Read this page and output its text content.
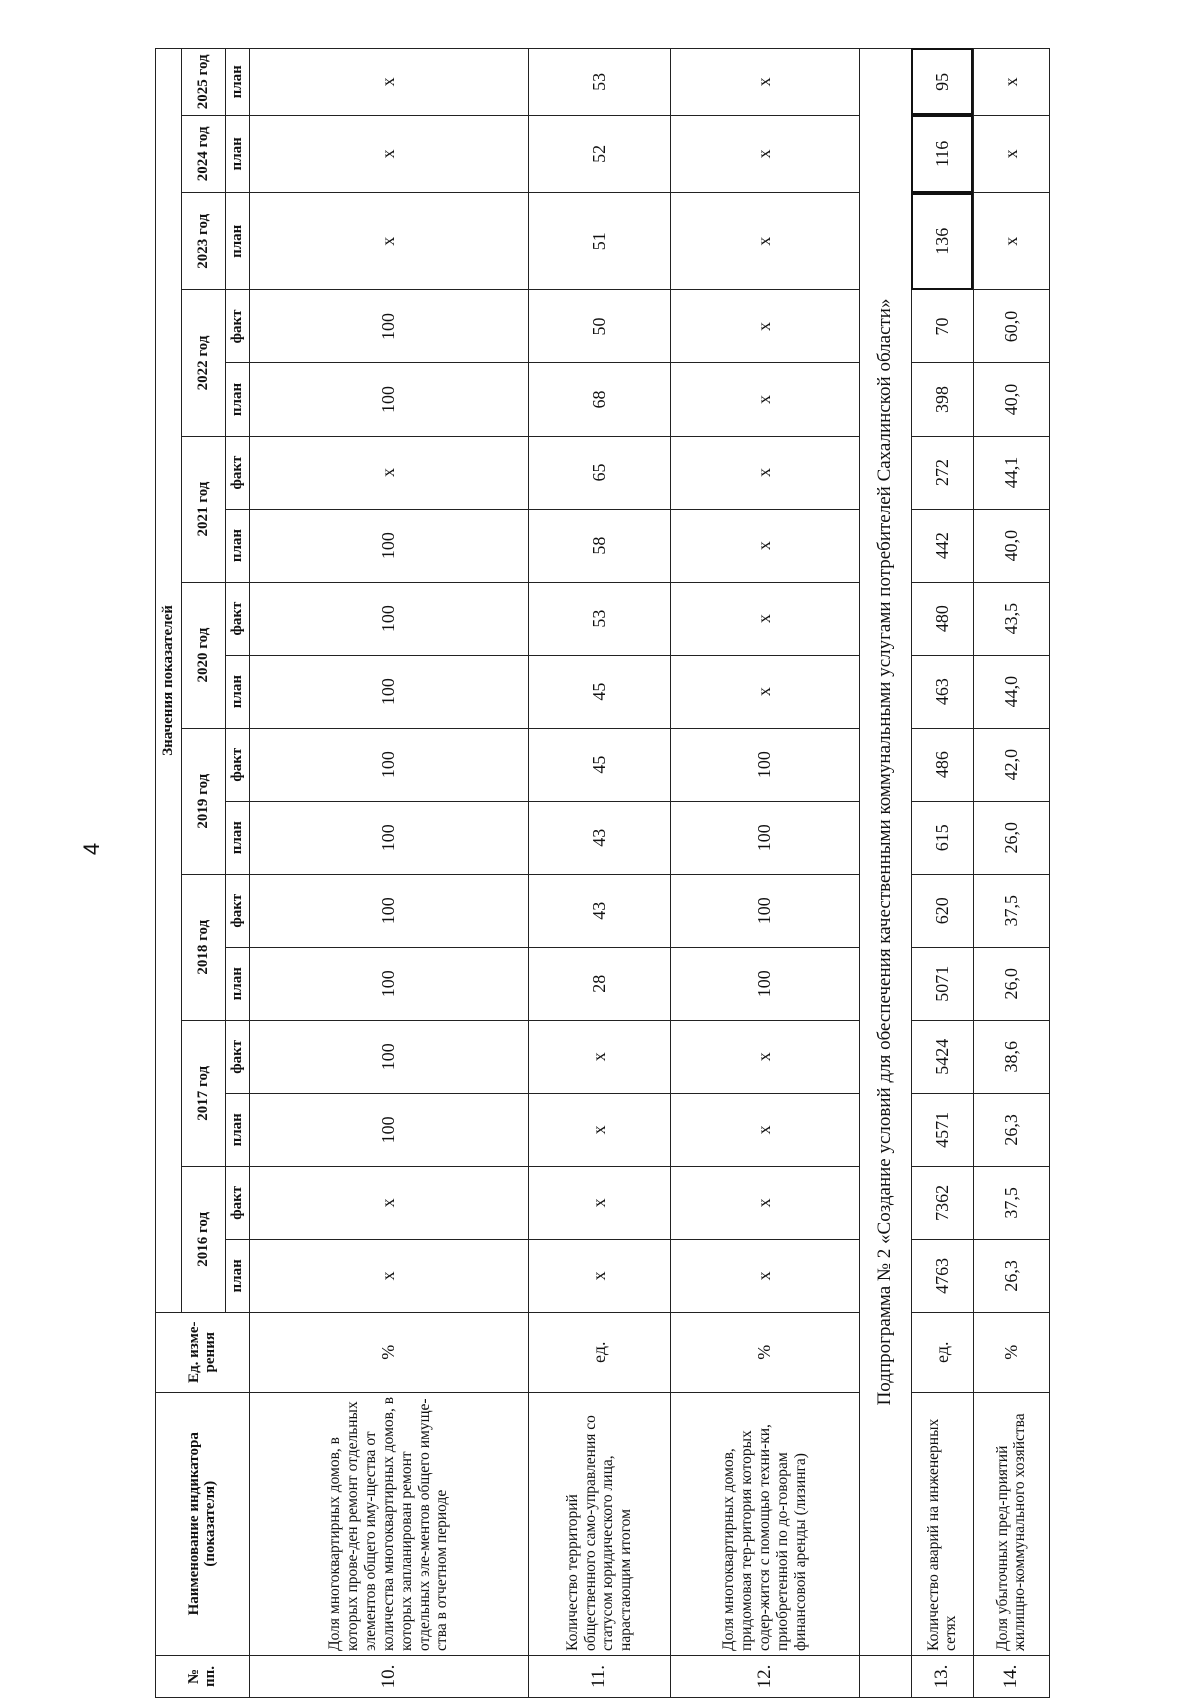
4
№ пп.	Наименование индикатора (показателя)	Ед. изме-рения	Значения показателей																
			2016 год		2017 год		2018 год		2019 год		2020 год		2021 год		2022 год		2023 год	2024 год	2025 год
			план	факт	план	факт	план	факт	план	факт	план	факт	план	факт	план	факт	план	план	план
10.	Доля многоквартирных домов, в которых прове-ден ремонт отдельных элементов общего иму-щества от количества многоквартирных домов, в которых запланирован ремонт отдельных эле-ментов общего имуще-ства в отчетном периоде	%	х	х	100	100	100	100	100	100	100	100	100	х	100	100	х	х	х
11.	Количество территорий общественного само-управления со статусом юридического лица, нарастающим итогом	ед.	х	х	х	х	28	43	43	45	45	53	58	65	68	50	51	52	53
12.	Доля многоквартирных домов, придомовая тер-ритория которых содер-жится с помощью техни-ки, приобретенной по до-говорам финансовой аренды (лизинга)	%	х	х	х	х	100	100	100	100	х	х	х	х	х	х	х	х	х
	Подпрограмма № 2 «Создание условий для обеспечения качественными коммунальными услугами потребителей Сахалинской области»																		
13.	Количество аварий на инженерных сетях	ед.	4763	7362	4571	5424	5071	620	615	486	463	480	442	272	398	70	136	116	95
14.	Доля убыточных пред-приятий жилищно-коммунального хозяйства	%	26,3	37,5	26,3	38,6	26,0	37,5	26,0	42,0	44,0	43,5	40,0	44,1	40,0	60,0	х	х	х
